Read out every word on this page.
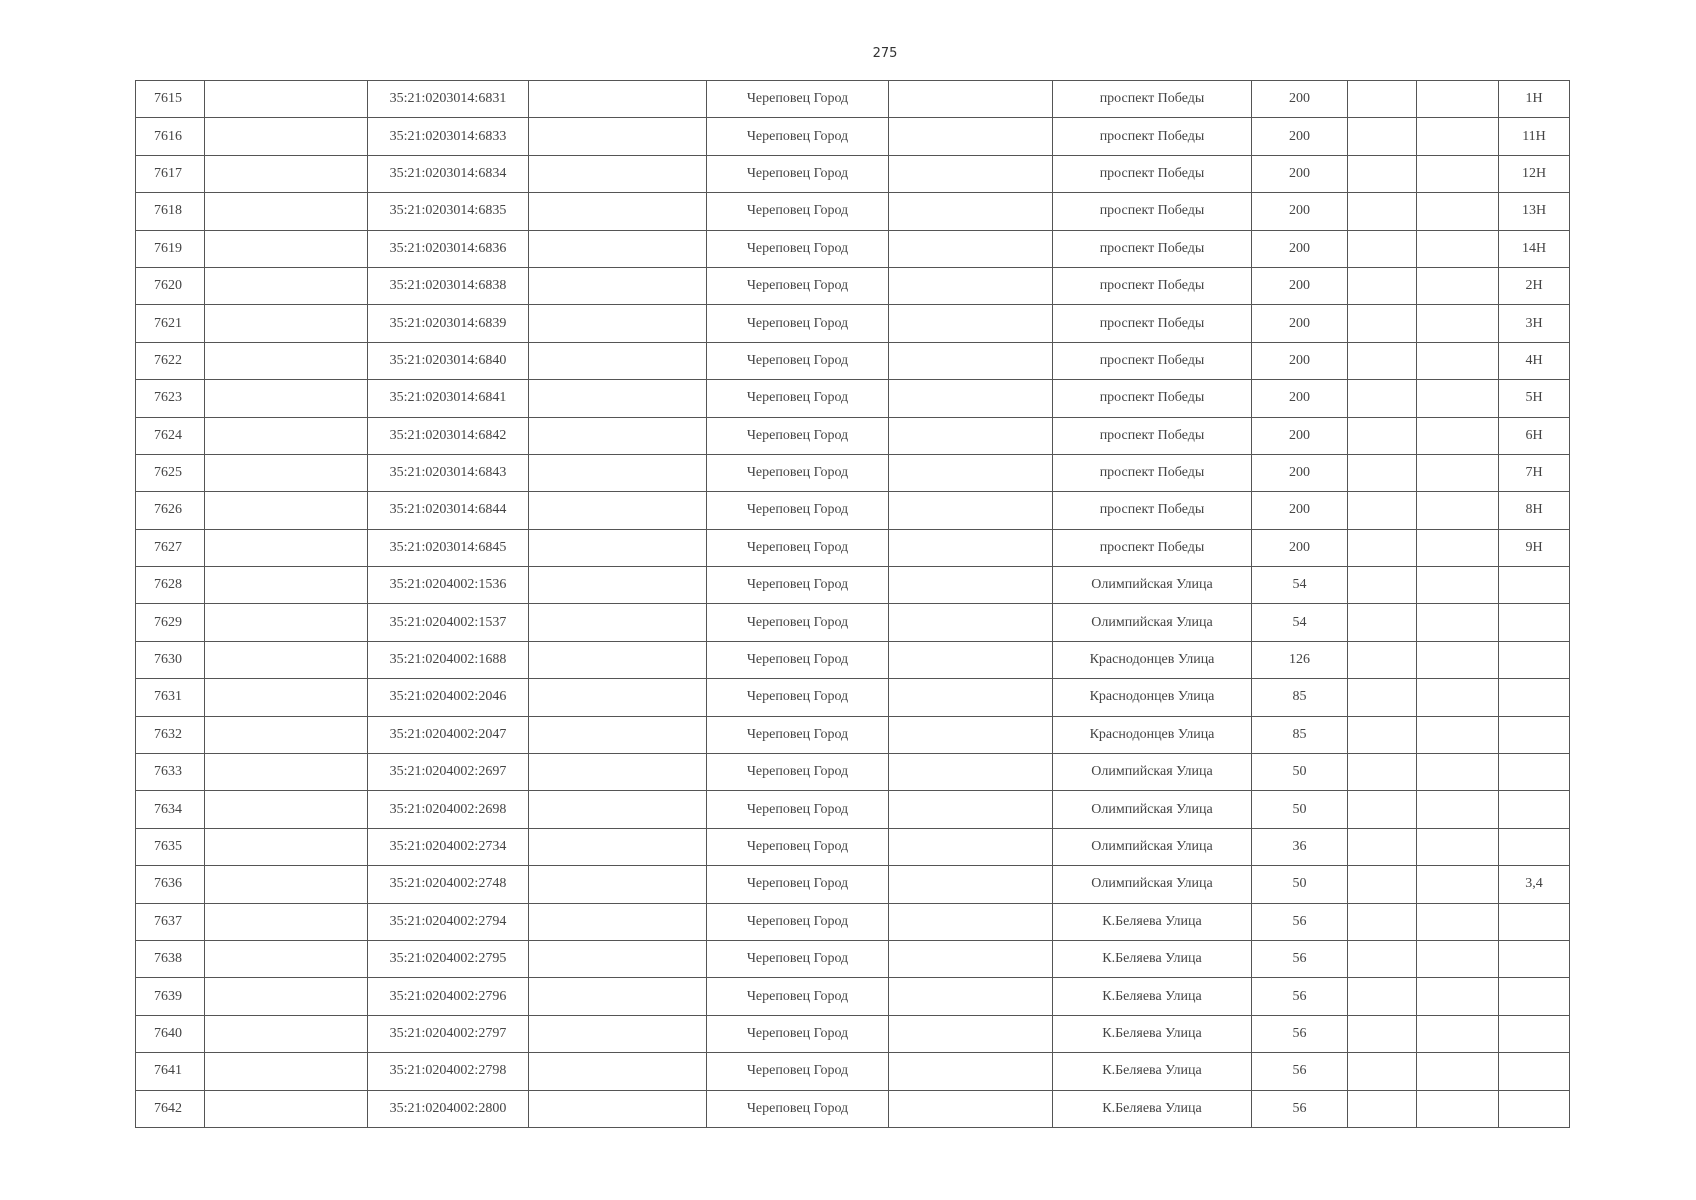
275
7615		35:21:0203014:6831		Череповец Город		проспект Победы	200			1Н
7616		35:21:0203014:6833		Череповец Город		проспект Победы	200			11Н
7617		35:21:0203014:6834		Череповец Город		проспект Победы	200			12Н
7618		35:21:0203014:6835		Череповец Город		проспект Победы	200			13Н
7619		35:21:0203014:6836		Череповец Город		проспект Победы	200			14Н
7620		35:21:0203014:6838		Череповец Город		проспект Победы	200			2Н
7621		35:21:0203014:6839		Череповец Город		проспект Победы	200			3Н
7622		35:21:0203014:6840		Череповец Город		проспект Победы	200			4Н
7623		35:21:0203014:6841		Череповец Город		проспект Победы	200			5Н
7624		35:21:0203014:6842		Череповец Город		проспект Победы	200			6Н
7625		35:21:0203014:6843		Череповец Город		проспект Победы	200			7Н
7626		35:21:0203014:6844		Череповец Город		проспект Победы	200			8Н
7627		35:21:0203014:6845		Череповец Город		проспект Победы	200			9Н
7628		35:21:0204002:1536		Череповец Город		Олимпийская Улица	54			
7629		35:21:0204002:1537		Череповец Город		Олимпийская Улица	54			
7630		35:21:0204002:1688		Череповец Город		Краснодонцев Улица	126			
7631		35:21:0204002:2046		Череповец Город		Краснодонцев Улица	85			
7632		35:21:0204002:2047		Череповец Город		Краснодонцев Улица	85			
7633		35:21:0204002:2697		Череповец Город		Олимпийская Улица	50			
7634		35:21:0204002:2698		Череповец Город		Олимпийская Улица	50			
7635		35:21:0204002:2734		Череповец Город		Олимпийская Улица	36			
7636		35:21:0204002:2748		Череповец Город		Олимпийская Улица	50			3,4
7637		35:21:0204002:2794		Череповец Город		К.Беляева Улица	56			
7638		35:21:0204002:2795		Череповец Город		К.Беляева Улица	56			
7639		35:21:0204002:2796		Череповец Город		К.Беляева Улица	56			
7640		35:21:0204002:2797		Череповец Город		К.Беляева Улица	56			
7641		35:21:0204002:2798		Череповец Город		К.Беляева Улица	56			
7642		35:21:0204002:2800		Череповец Город		К.Беляева Улица	56			
